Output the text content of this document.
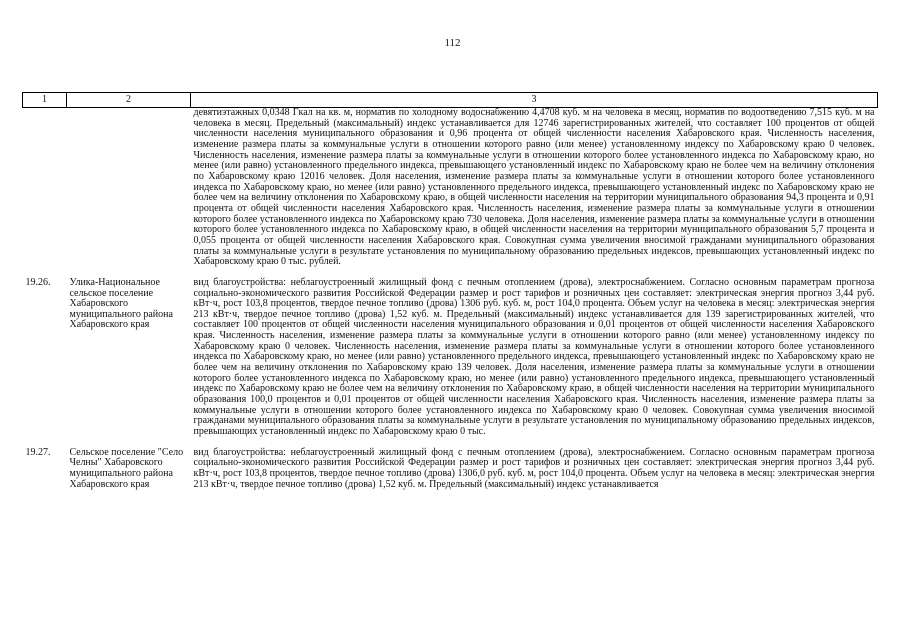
112
1	2	3

		девятиэтажных 0,0348 Гкал на кв. м, норматив по холодному водоснабжению 4,4708 куб. м на человека в месяц, норматив по водоотведению 7,515 куб. м на человека в месяц. Предельный (максимальный) индекс устанавливается для 12746 зарегистрированных жителей, что составляет 100 процентов от общей численности населения муниципального образования и 0,96 процента от общей численности населения Хабаровского края. Численность населения, изменение размера платы за коммунальные услуги в отношении которого равно (или менее) установленному индексу по Хабаровскому краю 0 человек. Численность населения, изменение размера платы за коммунальные услуги в отношении которого более установленного индекса по Хабаровскому краю, но менее (или равно) установленного предельного индекса, превышающего установленный индекс по Хабаровскому краю не более чем на величину отклонения по Хабаровскому краю 12016 человек. Доля населения, изменение размера платы за коммунальные услуги в отношении которого более установленного индекса по Хабаровскому краю, но менее (или равно) установленного предельного индекса, превышающего установленный индекс по Хабаровскому краю не более чем на величину отклонения по Хабаровскому краю, в общей численности населения на территории муниципального образования 94,3 процента и 0,91 процента от общей численности населения Хабаровского края. Численность населения, изменение размера платы за коммунальные услуги в отношении которого более установленного индекса по Хабаровскому краю 730 человека. Доля населения, изменение размера платы за коммунальные услуги в отношении которого более установленного индекса по Хабаровскому краю, в общей численности населения на территории муниципального образования 5,7 процента и 0,055 процента от общей численности населения Хабаровского края. Совокупная сумма увеличения вносимой гражданами муниципального образования платы за коммунальные услуги в результате установления по муниципальному образованию предельных индексов, превышающих установленный индекс по Хабаровскому краю 0 тыс. рублей.

19.26.	Улика-Национальное сельское поселение Хабаровского муниципального района Хабаровского края	вид благоустройства: неблагоустроенный жилищный фонд с печным отоплением (дрова), электроснабжением. Согласно основным параметрам прогноза социально-экономического развития Российской Федерации размер и рост тарифов и розничных цен составляет: электрическая энергия прогноз 3,44 руб. кВт·ч, рост 103,8 процентов, твердое печное топливо (дрова) 1306 руб. куб. м, рост 104,0 процента. Объем услуг на человека в месяц: электрическая энергия 213 кВт·ч, твердое печное топливо (дрова) 1,52 куб. м. Предельный (максимальный) индекс устанавливается для 139 зарегистрированных жителей, что составляет 100 процентов от общей численности населения муниципального образования и 0,01 процентов от общей численности населения Хабаровского края. Численность населения, изменение размера платы за коммунальные услуги в отношении которого равно (или менее) установленному индексу по Хабаровскому краю 0 человек. Численность населения, изменение размера платы за коммунальные услуги в отношении которого более установленного индекса по Хабаровскому краю, но менее (или равно) установленного предельного индекса, превышающего установленный индекс по Хабаровскому краю не более чем на величину отклонения по Хабаровскому краю 139 человек. Доля населения, изменение размера платы за коммунальные услуги в отношении которого более установленного индекса по Хабаровскому краю, но менее (или равно) установленного предельного индекса, превышающего установленный индекс по Хабаровскому краю не более чем на величину отклонения по Хабаровскому краю, в общей численности населения на территории муниципального образования 100,0 процентов и 0,01 процентов от общей численности населения Хабаровского края. Численность населения, изменение размера платы за коммунальные услуги в отношении которого более установленного индекса по Хабаровскому краю 0 человек. Совокупная сумма увеличения вносимой гражданами муниципального образования платы за коммунальные услуги в результате установления по муниципальному образованию предельных индексов, превышающих установленный индекс по Хабаровскому краю 0 тыс.

19.27.	Сельское поселение "Село Челны" Хабаровского муниципального района Хабаровского края	вид благоустройства: неблагоустроенный жилищный фонд с печным отоплением (дрова), электроснабжением. Согласно основным параметрам прогноза социально-экономического развития Российской Федерации размер и рост тарифов и розничных цен составляет: электрическая энергия прогноз 3,44 руб. кВт·ч, рост 103,8 процентов, твердое печное топливо (дрова) 1306,0 руб. куб. м, рост 104,0 процента. Объем услуг на человека в месяц: электрическая энергия 213 кВт·ч, твердое печное топливо (дрова) 1,52 куб. м. Предельный (максимальный) индекс устанавливается
